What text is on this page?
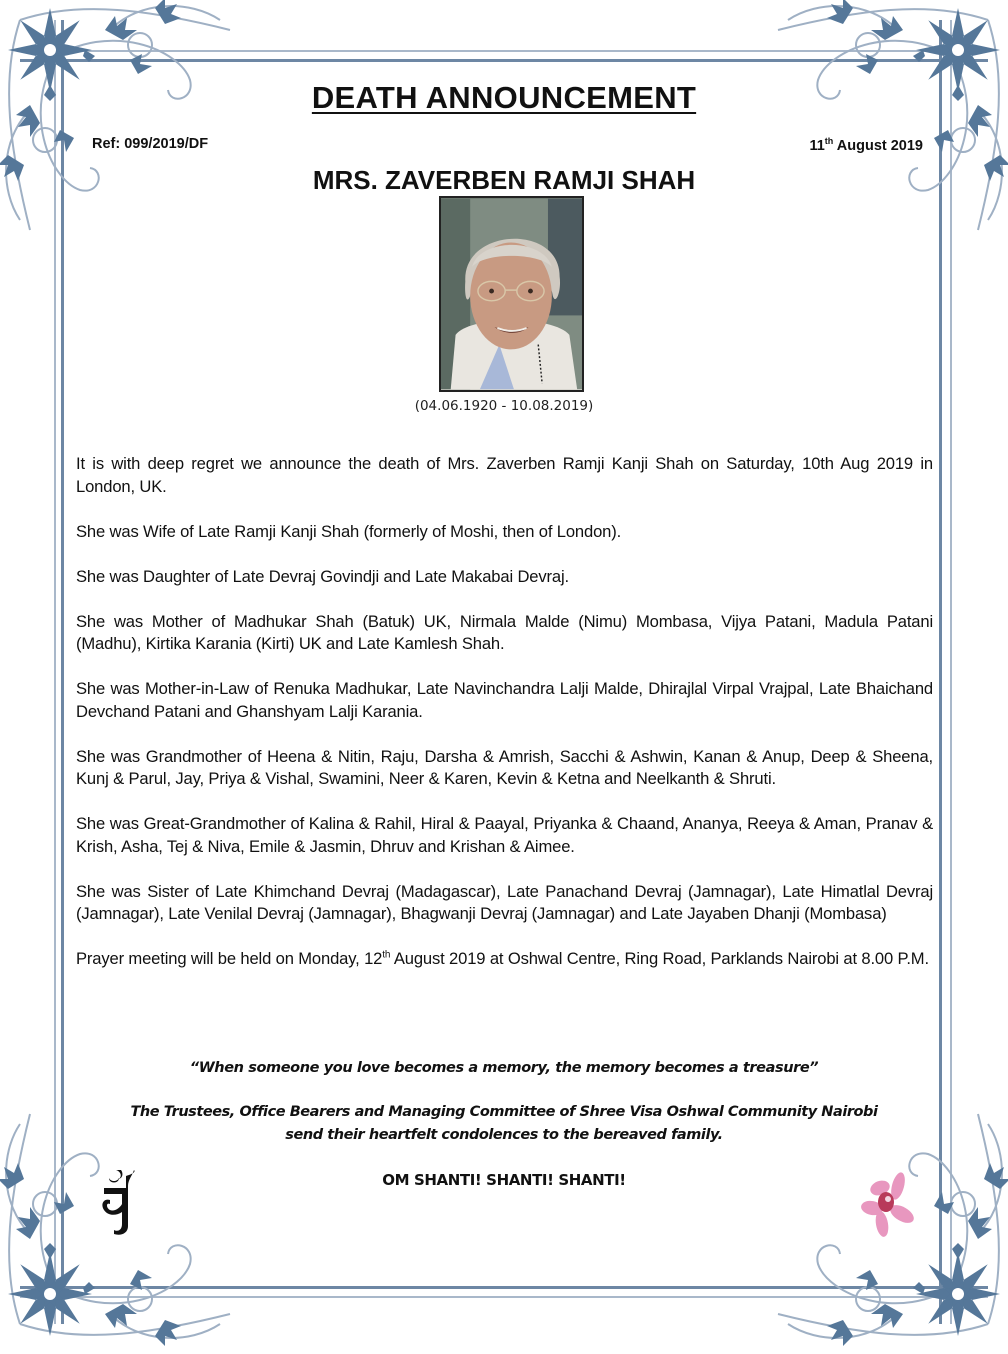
DEATH ANNOUNCEMENT
Ref: 099/2019/DF	11th August 2019
MRS. ZAVERBEN RAMJI SHAH
(04.06.1920 - 10.08.2019)

It is with deep regret we announce the death of Mrs. Zaverben Ramji Kanji Shah on Saturday, 10th Aug 2019 in London, UK.

She was Wife of Late Ramji Kanji Shah (formerly of Moshi, then of London).

She was Daughter of Late Devraj Govindji and Late Makabai Devraj.

She was Mother of Madhukar Shah (Batuk) UK, Nirmala Malde (Nimu) Mombasa, Vijya Patani, Madula Patani (Madhu), Kirtika Karania (Kirti) UK and Late Kamlesh Shah.

She was Mother-in-Law of Renuka Madhukar, Late Navinchandra Lalji Malde, Dhirajlal Virpal Vrajpal, Late Bhaichand Devchand Patani and Ghanshyam Lalji Karania.

She was Grandmother of Heena & Nitin, Raju, Darsha & Amrish, Sacchi & Ashwin, Kanan & Anup, Deep & Sheena, Kunj & Parul, Jay, Priya & Vishal, Swamini, Neer & Karen, Kevin & Ketna and Neelkanth & Shruti.

She was Great-Grandmother of Kalina & Rahil, Hiral & Paayal, Priyanka & Chaand, Ananya, Reeya & Aman, Pranav & Krish, Asha, Tej & Niva, Emile & Jasmin, Dhruv and Krishan & Aimee.

She was Sister of Late Khimchand Devraj (Madagascar), Late Panachand Devraj (Jamnagar), Late Himatlal Devraj (Jamnagar), Late Venilal Devraj (Jamnagar), Bhagwanji Devraj (Jamnagar) and Late Jayaben Dhanji (Mombasa)

Prayer meeting will be held on Monday, 12th August 2019 at Oshwal Centre, Ring Road, Parklands Nairobi at 8.00 P.M.

“When someone you love becomes a memory, the memory becomes a treasure”
The Trustees, Office Bearers and Managing Committee of Shree Visa Oshwal Community Nairobi
send their heartfelt condolences to the bereaved family.
OM SHANTI! SHANTI! SHANTI!
